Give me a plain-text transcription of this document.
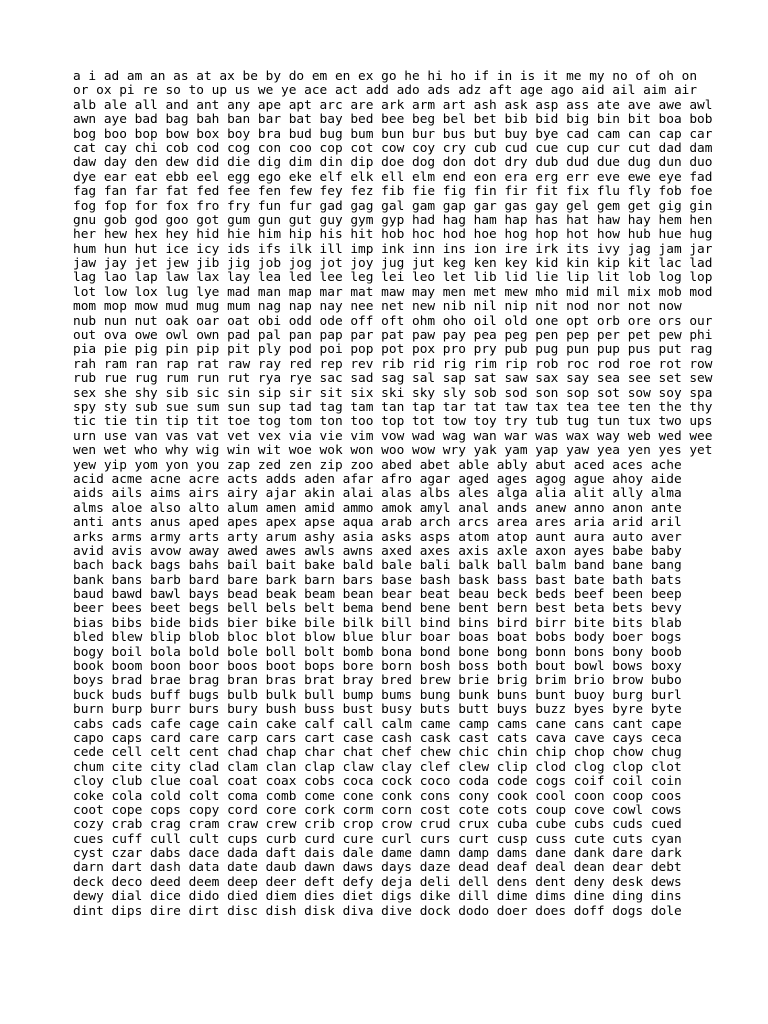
a i ad am an as at ax be by do em en ex go he hi ho if in is it me my no of oh on
or ox pi re so to up us we ye ace act add ado ads adz aft age ago aid ail aim air
alb ale all and ant any ape apt arc are ark arm art ash ask asp ass ate ave awe awl
awn aye bad bag bah ban bar bat bay bed bee beg bel bet bib bid big bin bit boa bob
bog boo bop bow box boy bra bud bug bum bun bur bus but buy bye cad cam can cap car
cat cay chi cob cod cog con coo cop cot cow coy cry cub cud cue cup cur cut dad dam
daw day den dew did die dig dim din dip doe dog don dot dry dub dud due dug dun duo
dye ear eat ebb eel egg ego eke elf elk ell elm end eon era erg err eve ewe eye fad
fag fan far fat fed fee fen few fey fez fib fie fig fin fir fit fix flu fly fob foe
fog fop for fox fro fry fun fur gad gag gal gam gap gar gas gay gel gem get gig gin
gnu gob god goo got gum gun gut guy gym gyp had hag ham hap has hat haw hay hem hen
her hew hex hey hid hie him hip his hit hob hoc hod hoe hog hop hot how hub hue hug
hum hun hut ice icy ids ifs ilk ill imp ink inn ins ion ire irk its ivy jag jam jar
jaw jay jet jew jib jig job jog jot joy jug jut keg ken key kid kin kip kit lac lad
lag lao lap law lax lay lea led lee leg lei leo let lib lid lie lip lit lob log lop
lot low lox lug lye mad man map mar mat maw may men met mew mho mid mil mix mob mod
mom mop mow mud mug mum nag nap nay nee net new nib nil nip nit nod nor not now
nub nun nut oak oar oat obi odd ode off oft ohm oho oil old one opt orb ore ors our
out ova owe owl own pad pal pan pap par pat paw pay pea peg pen pep per pet pew phi
pia pie pig pin pip pit ply pod poi pop pot pox pro pry pub pug pun pup pus put rag
rah ram ran rap rat raw ray red rep rev rib rid rig rim rip rob roc rod roe rot row
rub rue rug rum run rut rya rye sac sad sag sal sap sat saw sax say sea see set sew
sex she shy sib sic sin sip sir sit six ski sky sly sob sod son sop sot sow soy spa
spy sty sub sue sum sun sup tad tag tam tan tap tar tat taw tax tea tee ten the thy
tic tie tin tip tit toe tog tom ton too top tot tow toy try tub tug tun tux two ups
urn use van vas vat vet vex via vie vim vow wad wag wan war was wax way web wed wee
wen wet who why wig win wit woe wok won woo wow wry yak yam yap yaw yea yen yes yet
yew yip yom yon you zap zed zen zip zoo abed abet able ably abut aced aces ache
acid acme acne acre acts adds aden afar afro agar aged ages agog ague ahoy aide
aids ails aims airs airy ajar akin alai alas albs ales alga alia alit ally alma
alms aloe also alto alum amen amid ammo amok amyl anal ands anew anno anon ante
anti ants anus aped apes apex apse aqua arab arch arcs area ares aria arid aril
arks arms army arts arty arum ashy asia asks asps atom atop aunt aura auto aver
avid avis avow away awed awes awls awns axed axes axis axle axon ayes babe baby
bach back bags bahs bail bait bake bald bale bali balk ball balm band bane bang
bank bans barb bard bare bark barn bars base bash bask bass bast bate bath bats
baud bawd bawl bays bead beak beam bean bear beat beau beck beds beef been beep
beer bees beet begs bell bels belt bema bend bene bent bern best beta bets bevy
bias bibs bide bids bier bike bile bilk bill bind bins bird birr bite bits blab
bled blew blip blob bloc blot blow blue blur boar boas boat bobs body boer bogs
bogy boil bola bold bole boll bolt bomb bona bond bone bong bonn bons bony boob
book boom boon boor boos boot bops bore born bosh boss both bout bowl bows boxy
boys brad brae brag bran bras brat bray bred brew brie brig brim brio brow bubo
buck buds buff bugs bulb bulk bull bump bums bung bunk buns bunt buoy burg burl
burn burp burr burs bury bush buss bust busy buts butt buys buzz byes byre byte
cabs cads cafe cage cain cake calf call calm came camp cams cane cans cant cape
capo caps card care carp cars cart case cash cask cast cats cava cave cays ceca
cede cell celt cent chad chap char chat chef chew chic chin chip chop chow chug
chum cite city clad clam clan clap claw clay clef clew clip clod clog clop clot
cloy club clue coal coat coax cobs coca cock coco coda code cogs coif coil coin
coke cola cold colt coma comb come cone conk cons cony cook cool coon coop coos
coot cope cops copy cord core cork corm corn cost cote cots coup cove cowl cows
cozy crab crag cram craw crew crib crop crow crud crux cuba cube cubs cuds cued
cues cuff cull cult cups curb curd cure curl curs curt cusp cuss cute cuts cyan
cyst czar dabs dace dada daft dais dale dame damn damp dams dane dank dare dark
darn dart dash data date daub dawn daws days daze dead deaf deal dean dear debt
deck deco deed deem deep deer deft defy deja deli dell dens dent deny desk dews
dewy dial dice dido died diem dies diet digs dike dill dime dims dine ding dins
dint dips dire dirt disc dish disk diva dive dock dodo doer does doff dogs dole
